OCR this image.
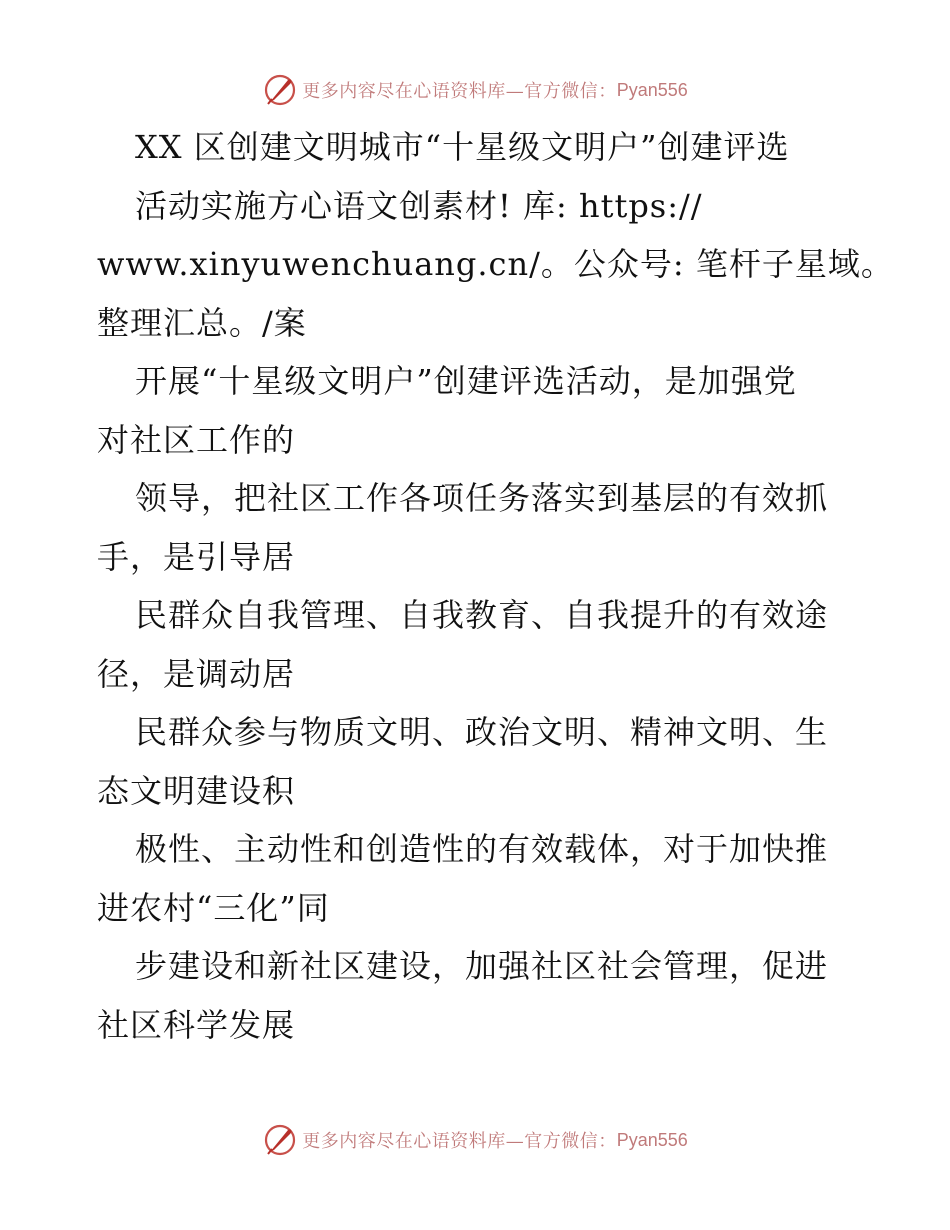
更多内容尽在心语资料库—官方微信： Pyan556
XX 区创建文明城市“十星级文明户”创建评选
活动实施方心语文创素材! 库: https://
www.xinyuwenchuang.cn/。公众号: 笔杆子星域。
整理汇总。/案
开展“十星级文明户”创建评选活动，是加强党
对社区工作的
领导，把社区工作各项任务落实到基层的有效抓
手，是引导居
民群众自我管理、自我教育、自我提升的有效途
径，是调动居
民群众参与物质文明、政治文明、精神文明、生
态文明建设积
极性、主动性和创造性的有效载体，对于加快推
进农村“三化”同
步建设和新社区建设，加强社区社会管理，促进
社区科学发展
更多内容尽在心语资料库—官方微信： Pyan556
